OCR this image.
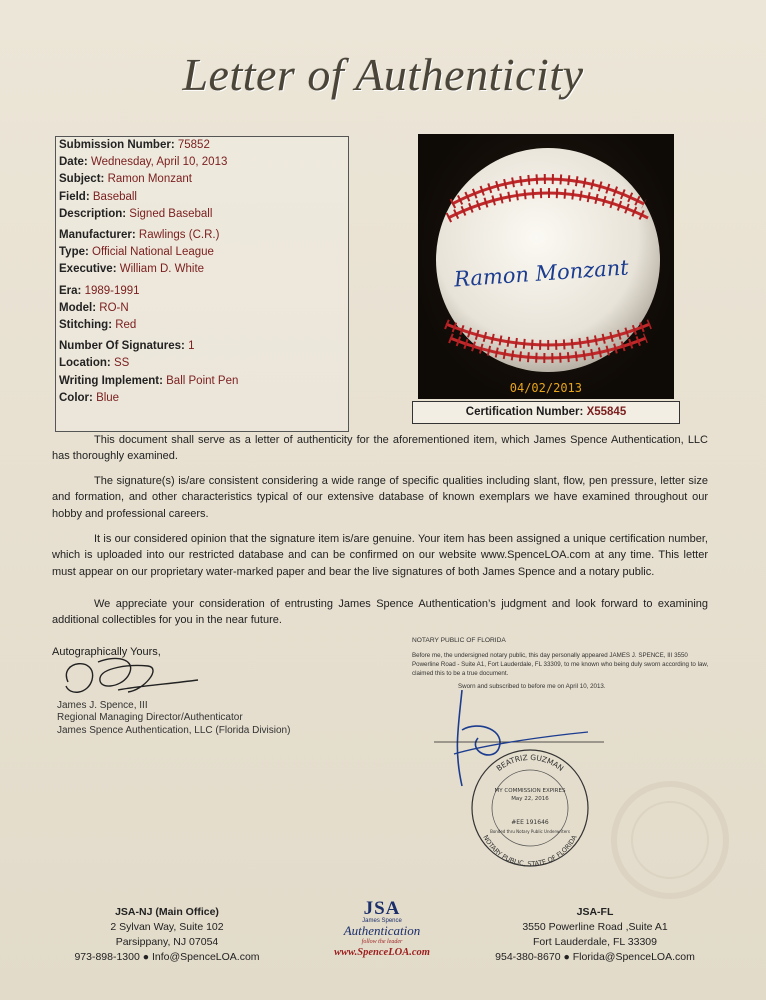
Letter of Authenticity
Submission Number: 75852
Date: Wednesday, April 10, 2013
Subject: Ramon Monzant
Field: Baseball
Description: Signed Baseball
Manufacturer: Rawlings (C.R.)
Type: Official National League
Executive: William D. White
Era: 1989-1991
Model: RO-N
Stitching: Red
Number Of Signatures: 1
Location: SS
Writing Implement: Ball Point Pen
Color: Blue
Ramon Monzant
04/02/2013
Certification Number: X55845
This document shall serve as a letter of authenticity for the aforementioned item, which James Spence Authentication, LLC has thoroughly examined.
The signature(s) is/are consistent considering a wide range of specific qualities including slant, flow, pen pressure, letter size and formation, and other characteristics typical of our extensive database of known exemplars we have examined throughout our hobby and professional careers.
It is our considered opinion that the signature item is/are genuine. Your item has been assigned a unique certification number, which is uploaded into our restricted database and can be confirmed on our website www.SpenceLOA.com at any time. This letter must appear on our proprietary water-marked paper and bear the live signatures of both James Spence and a notary public.
We appreciate your consideration of entrusting James Spence Authentication’s judgment and look forward to examining additional collectibles for you in the near future.
Autographically Yours,
James J. Spence, III
Regional Managing Director/Authenticator
James Spence Authentication, LLC (Florida Division)
NOTARY PUBLIC OF FLORIDA
Before me, the undersigned notary public, this day personally appeared JAMES J. SPENCE, III 3550 Powerline Road - Suite A1, Fort Lauderdale, FL 33309, to me known who being duly sworn according to law, claimed this to be a true document.
Sworn and subscribed to before me on April 10, 2013.
BEATRIZ GUZMAN
NOTARY PUBLIC, STATE OF FLORIDA
MY COMMISSION EXPIRES
May 22, 2016
#EE 191646
Bonded thru Notary Public Underwriters
JSA-NJ (Main Office)
2 Sylvan Way, Suite 102
Parsippany, NJ 07054
973-898-1300 ● Info@SpenceLOA.com
JSA
James Spence
Authentication
follow the leader
www.SpenceLOA.com
JSA-FL
3550 Powerline Road ,Suite A1
Fort Lauderdale, FL 33309
954-380-8670 ● Florida@SpenceLOA.com
